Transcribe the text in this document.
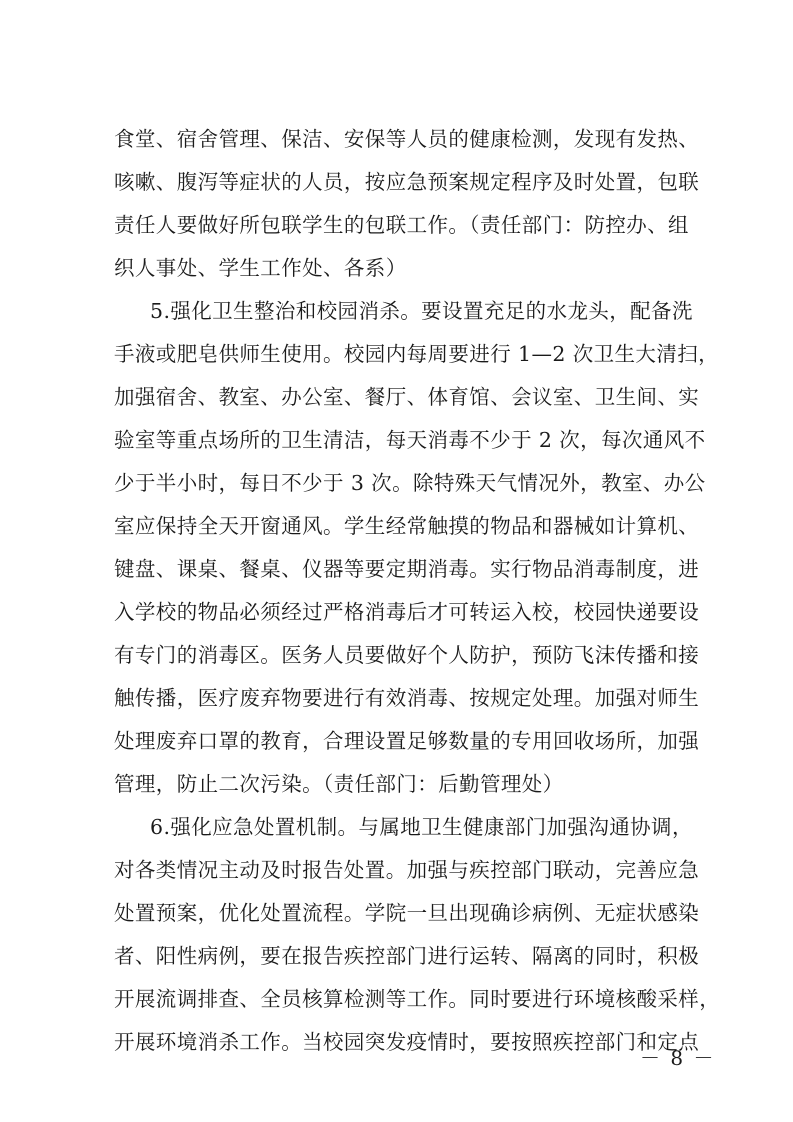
食堂、宿舍管理、保洁、安保等人员的健康检测，发现有发热、
咳嗽、腹泻等症状的人员，按应急预案规定程序及时处置，包联
责任人要做好所包联学生的包联工作。（责任部门：防控办、组
织人事处、学生工作处、各系）
5.强化卫生整治和校园消杀。要设置充足的水龙头，配备洗
手液或肥皂供师生使用。校园内每周要进行 1—2 次卫生大清扫，
加强宿舍、教室、办公室、餐厅、体育馆、会议室、卫生间、实
验室等重点场所的卫生清洁，每天消毒不少于 2 次，每次通风不
少于半小时，每日不少于 3 次。除特殊天气情况外，教室、办公
室应保持全天开窗通风。学生经常触摸的物品和器械如计算机、
键盘、课桌、餐桌、仪器等要定期消毒。实行物品消毒制度，进
入学校的物品必须经过严格消毒后才可转运入校，校园快递要设
有专门的消毒区。医务人员要做好个人防护，预防飞沫传播和接
触传播，医疗废弃物要进行有效消毒、按规定处理。加强对师生
处理废弃口罩的教育，合理设置足够数量的专用回收场所，加强
管理，防止二次污染。（责任部门：后勤管理处）
6.强化应急处置机制。与属地卫生健康部门加强沟通协调，
对各类情况主动及时报告处置。加强与疾控部门联动，完善应急
处置预案，优化处置流程。学院一旦出现确诊病例、无症状感染
者、阳性病例，要在报告疾控部门进行运转、隔离的同时，积极
开展流调排查、全员核算检测等工作。同时要进行环境核酸采样，
开展环境消杀工作。当校园突发疫情时，要按照疾控部门和定点
－ 8 －
